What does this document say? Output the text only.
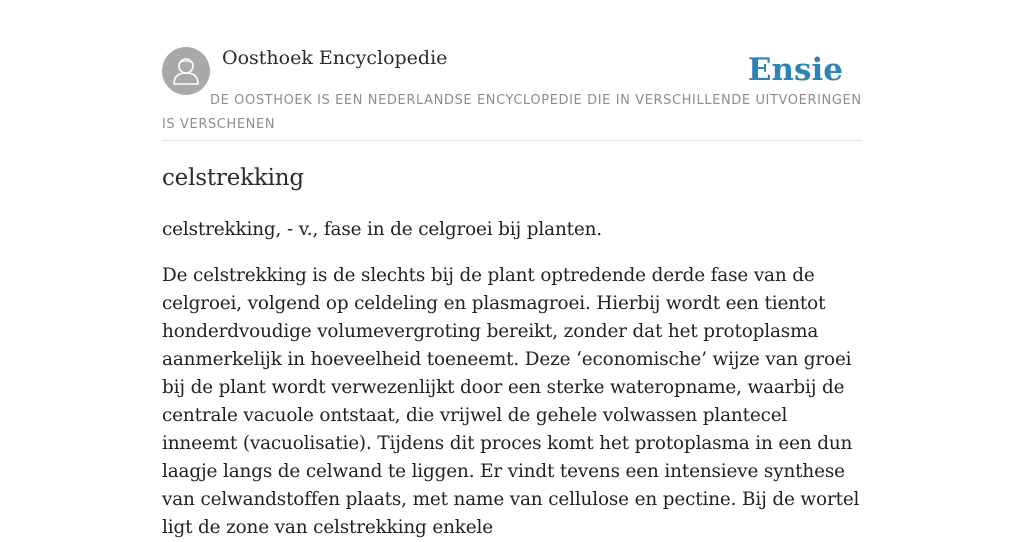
Oosthoek Encyclopedie	Ensie

DE OOSTHOEK IS EEN NEDERLANDSE ENCYCLOPEDIE DIE IN VERSCHILLENDE UITVOERINGEN IS VERSCHENEN

celstrekking

celstrekking, - v., fase in de celgroei bij planten.

De celstrekking is de slechts bij de plant optredende derde fase van de celgroei, volgend op celdeling en plasmagroei. Hierbij wordt een tientot honderdvoudige volumevergroting bereikt, zonder dat het protoplasma aanmerkelijk in hoeveelheid toeneemt. Deze ‘economische’ wijze van groei bij de plant wordt verwezenlijkt door een sterke wateropname, waarbij de centrale vacuole ontstaat, die vrijwel de gehele volwassen plantecel inneemt (vacuolisatie). Tijdens dit proces komt het protoplasma in een dun laagje langs de celwand te liggen. Er vindt tevens een intensieve synthese van celwandstoffen plaats, met name van cellulose en pectine. Bij de wortel ligt de zone van celstrekking enkele
